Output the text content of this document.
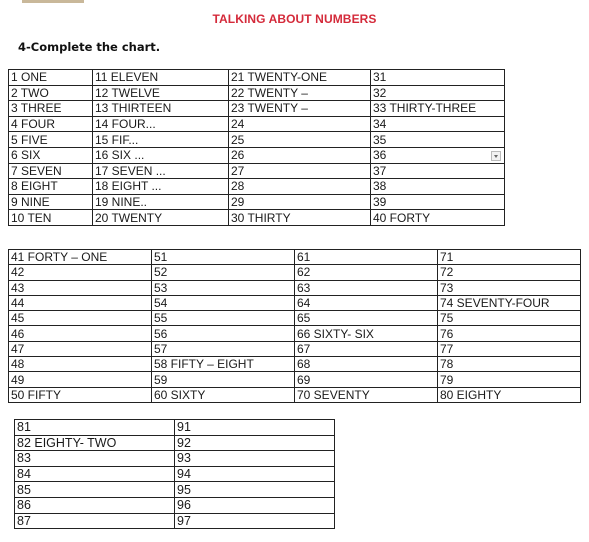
TALKING ABOUT NUMBERS
4-Complete the chart.
1 ONE	11 ELEVEN	21 TWENTY-ONE	31
2 TWO	12 TWELVE	22 TWENTY –	32
3 THREE	13 THIRTEEN	23 TWENTY –	33 THIRTY-THREE
4 FOUR	14 FOUR...	24	34
5 FIVE	15 FIF...	25	35
6 SIX	16 SIX ...	26	36

7 SEVEN	17 SEVEN ...	27	37
8 EIGHT	18 EIGHT ...	28	38
9 NINE	19 NINE..	29	39
10 TEN	20 TWENTY	30 THIRTY	40 FORTY
41 FORTY – ONE	51	61	71
42	52	62	72
43	53	63	73
44	54	64	74 SEVENTY-FOUR
45	55	65	75
46	56	66 SIXTY- SIX	76
47	57	67	77
48	58 FIFTY – EIGHT	68	78
49	59	69	79
50 FIFTY	60 SIXTY	70 SEVENTY	80 EIGHTY
81	91
82 EIGHTY- TWO	92
83	93
84	94
85	95
86	96
87	97
